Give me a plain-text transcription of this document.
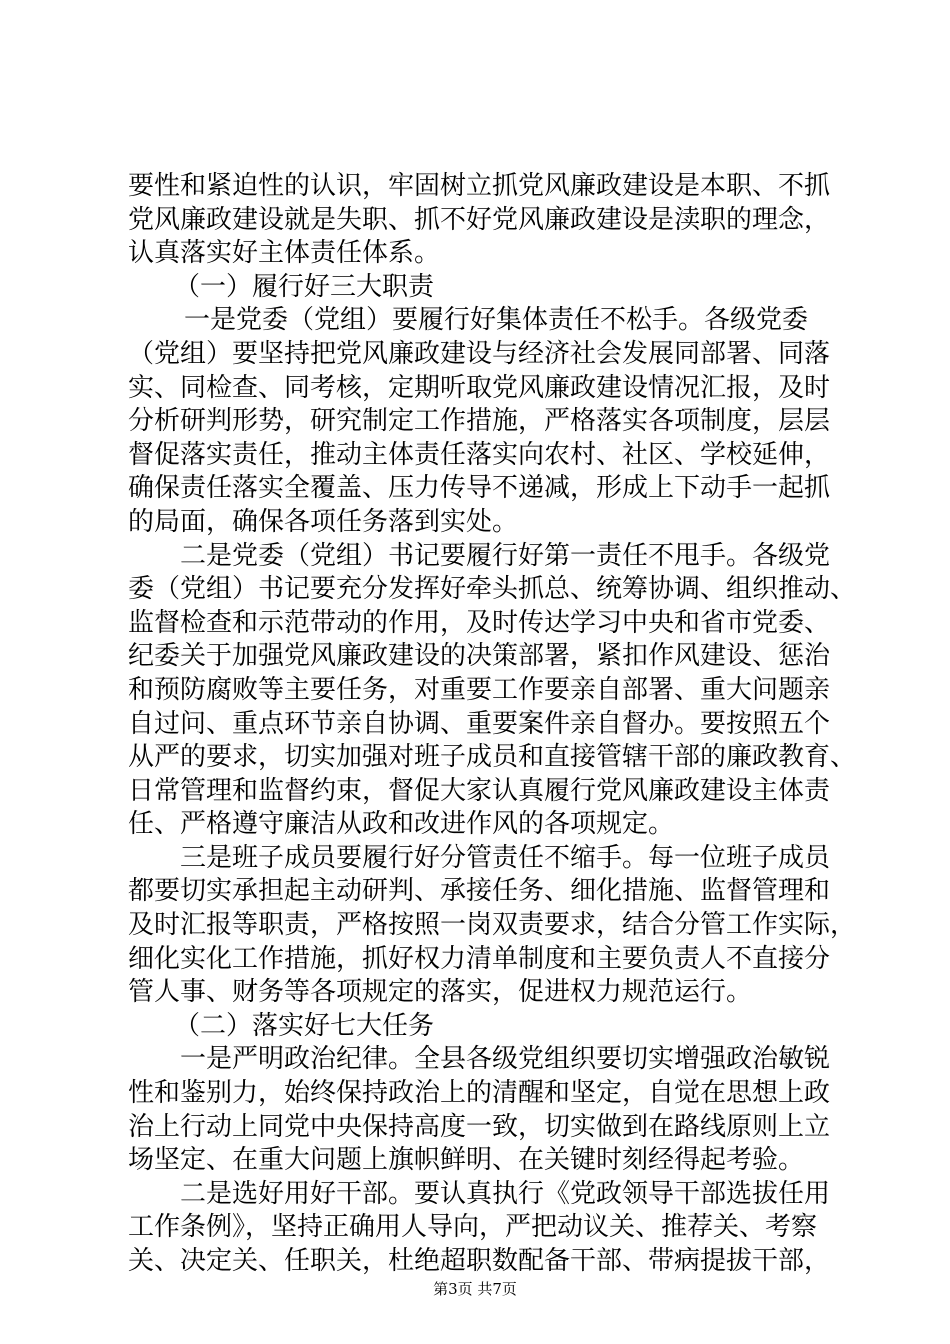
要性和紧迫性的认识，牢固树立抓党风廉政建设是本职、不抓
党风廉政建设就是失职、抓不好党风廉政建设是渎职的理念，
认真落实好主体责任体系。
（一）履行好三大职责
一是党委（党组）要履行好集体责任不松手。各级党委
（党组）要坚持把党风廉政建设与经济社会发展同部署、同落
实、同检查、同考核，定期听取党风廉政建设情况汇报，及时
分析研判形势，研究制定工作措施，严格落实各项制度，层层
督促落实责任，推动主体责任落实向农村、社区、学校延伸，
确保责任落实全覆盖、压力传导不递减，形成上下动手一起抓
的局面，确保各项任务落到实处。
二是党委（党组）书记要履行好第一责任不甩手。各级党
委（党组）书记要充分发挥好牵头抓总、统筹协调、组织推动、
监督检查和示范带动的作用，及时传达学习中央和省市党委、
纪委关于加强党风廉政建设的决策部署，紧扣作风建设、惩治
和预防腐败等主要任务，对重要工作要亲自部署、重大问题亲
自过问、重点环节亲自协调、重要案件亲自督办。要按照五个
从严的要求，切实加强对班子成员和直接管辖干部的廉政教育、
日常管理和监督约束，督促大家认真履行党风廉政建设主体责
任、严格遵守廉洁从政和改进作风的各项规定。
三是班子成员要履行好分管责任不缩手。每一位班子成员
都要切实承担起主动研判、承接任务、细化措施、监督管理和
及时汇报等职责，严格按照一岗双责要求，结合分管工作实际，
细化实化工作措施，抓好权力清单制度和主要负责人不直接分
管人事、财务等各项规定的落实，促进权力规范运行。
（二）落实好七大任务
一是严明政治纪律。全县各级党组织要切实增强政治敏锐
性和鉴别力，始终保持政治上的清醒和坚定，自觉在思想上政
治上行动上同党中央保持高度一致，切实做到在路线原则上立
场坚定、在重大问题上旗帜鲜明、在关键时刻经得起考验。
二是选好用好干部。要认真执行《党政领导干部选拔任用
工作条例》，坚持正确用人导向，严把动议关、推荐关、考察
关、决定关、任职关，杜绝超职数配备干部、带病提拔干部，
第3页 共7页
